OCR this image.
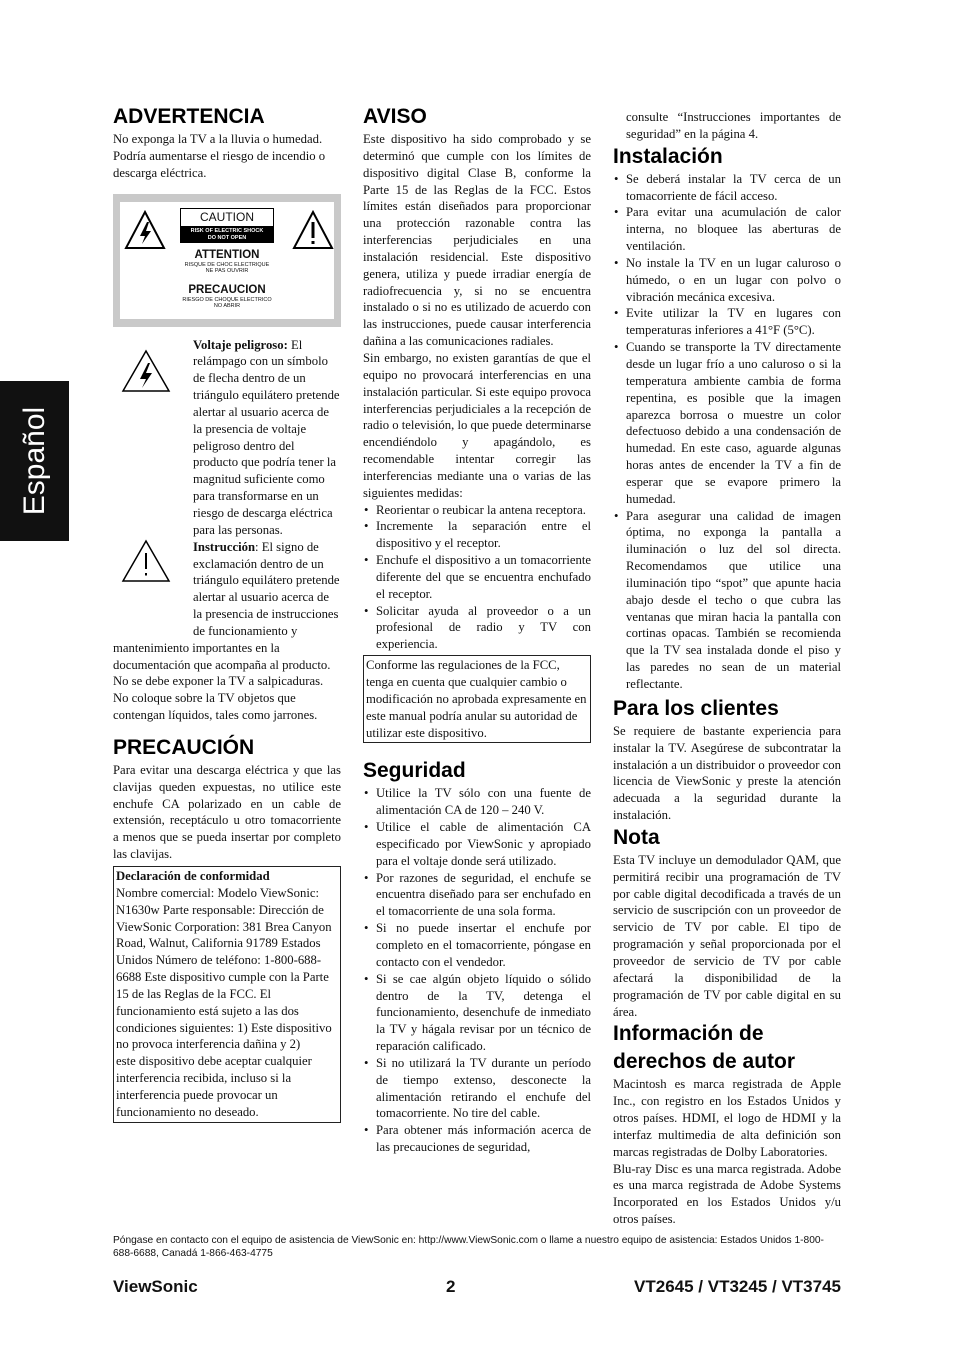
Español
ADVERTENCIA

No exponga la TV a la lluvia o humedad. Podría aumentarse el riesgo de incendio o descarga eléctrica.

CAUTION
RISK OF ELECTRIC SHOCK
DO NOT OPEN
ATTENTION
RISQUE DE CHOC ELECTRIQUE
NE PAS OUVRIR
PRECAUCION
RIESGO DE CHOQUE ELECTRICO
NO ABRIR

Voltaje peligroso: El relámpago con un símbolo de flecha dentro de un triángulo equilátero pretende alertar al usuario acerca de la presencia de voltaje peligroso dentro del producto que podría tener la magnitud suficiente como para transformarse en un riesgo de descarga eléctrica para las personas.

Instrucción: El signo de exclamación dentro de un triángulo equilátero pretende alertar al usuario acerca de la presencia de instrucciones de funcionamiento y

mantenimiento importantes en la documentación que acompaña al producto.

No se debe exponer la TV a salpicaduras. No coloque sobre la TV objetos que contengan líquidos, tales como jarrones.

PRECAUCIÓN

Para evitar una descarga eléctrica y que las clavijas queden expuestas, no utilice este enchufe CA polarizado en un cable de extensión, receptáculo u otro tomacorriente a menos que se pueda insertar por completo las clavijas.

Declaración de conformidad

Nombre comercial: Modelo ViewSonic: N1630w Parte responsable: Dirección de ViewSonic Corporation: 381 Brea Canyon Road, Walnut, California 91789 Estados Unidos Número de teléfono: 1-800-688-6688 Este dispositivo cumple con la Parte 15 de las Reglas de la FCC. El funcionamiento está sujeto a las dos condiciones siguientes: 1) Este dispositivo no provoca interferencia dañina y 2)

este dispositivo debe aceptar cualquier interferencia recibida, incluso si la interferencia puede provocar un funcionamiento no deseado.

AVISO

Este dispositivo ha sido comprobado y se determinó que cumple con los límites de dispositivo digital Clase B, conforme la Parte 15 de las Reglas de la FCC. Estos límites están diseñados para proporcionar una protección razonable contra las interferencias perjudiciales en una instalación residencial. Este dispositivo genera, utiliza y puede irradiar energía de radiofrecuencia y, si no se encuentra instalado o si no es utilizado de acuerdo con las instrucciones, puede causar interferencia dañina a las comunicaciones radiales.

Sin embargo, no existen garantías de que el equipo no provocará interferencias en una instalación particular. Si este equipo provoca interferencias perjudiciales a la recepción de radio o televisión, lo que puede determinarse encendiéndolo y apagándolo, es recomendable intentar corregir las interferencias mediante una o varias de las siguientes medidas:

• Reorientar o reubicar la antena receptora.
• Incremente la separación entre el dispositivo y el receptor.
• Enchufe el dispositivo a un tomacorriente diferente del que se encuentra enchufado el receptor.
• Solicitar ayuda al proveedor o a un profesional de radio y TV con experiencia.

Conforme las regulaciones de la FCC, tenga en cuenta que cualquier cambio o modificación no aprobada expresamente en este manual podría anular su autoridad de utilizar este dispositivo.

Seguridad
• Utilice la TV sólo con una fuente de alimentación CA de 120 – 240 V.
• Utilice el cable de alimentación CA especificado por ViewSonic y apropiado para el voltaje donde será utilizado.
• Por razones de seguridad, el enchufe se encuentra diseñado para ser enchufado en el tomacorriente de una sola forma.
• Si no puede insertar el enchufe por completo en el tomacorriente, póngase en contacto con el vendedor.
• Si se cae algún objeto líquido o sólido dentro de la TV, detenga el funcionamiento, desenchufe de inmediato la TV y hágala revisar por un técnico de reparación calificado.
• Si no utilizará la TV durante un período de tiempo extenso, desconecte la alimentación retirando el enchufe del tomacorriente. No tire del cable.
• Para obtener más información acerca de las precauciones de seguridad,

consulte “Instrucciones importantes de seguridad” en la página 4.

Instalación
• Se deberá instalar la TV cerca de un tomacorriente de fácil acceso.
• Para evitar una acumulación de calor interna, no bloquee las aberturas de ventilación.
• No instale la TV en un lugar caluroso o húmedo, o en un lugar con polvo o vibración mecánica excesiva.
• Evite utilizar la TV en lugares con temperaturas inferiores a 41°F (5°C).
• Cuando se transporte la TV directamente desde un lugar frío a uno caluroso o si la temperatura ambiente cambia de forma repentina, es posible que la imagen aparezca borrosa o muestre un color defectuoso debido a una condensación de humedad. En este caso, aguarde algunas horas antes de encender la TV a fin de esperar que se evapore primero la humedad.
• Para asegurar una calidad de imagen óptima, no exponga la pantalla a iluminación o luz del sol directa. Recomendamos que utilice una iluminación tipo “spot” que apunte hacia abajo desde el techo o que cubra las ventanas que miran hacia la pantalla con cortinas opacas. También se recomienda que la TV sea instalada donde el piso y las paredes no sean de un material reflectante.
Para los clientes

Se requiere de bastante experiencia para instalar la TV. Asegúrese de subcontratar la instalación a un distribuidor o proveedor con licencia de ViewSonic y preste la atención adecuada a la seguridad durante la instalación.

Nota

Esta TV incluye un demodulador QAM, que permitirá recibir una programación de TV por cable digital decodificada a través de un servicio de suscripción con un proveedor de servicio de TV por cable. El tipo de programación y señal proporcionada por el proveedor de servicio de TV por cable afectará la disponibilidad de la programación de TV por cable digital en su área.

Información de derechos de autor

Macintosh es marca registrada de Apple Inc., con registro en los Estados Unidos y otros países. HDMI, el logo de HDMI y la interfaz multimedia de alta definición son marcas registradas de Dolby Laboratories.

Blu-ray Disc es una marca registrada. Adobe es una marca registrada de Adobe Systems Incorporated en los Estados Unidos y/u otros países.

Póngase en contacto con el equipo de asistencia de ViewSonic en: http://www.ViewSonic.com o llame a nuestro equipo de asistencia: Estados Unidos 1-800-688-6688, Canadá 1-866-463-4775
ViewSonic	2	VT2645 / VT3245 / VT3745
